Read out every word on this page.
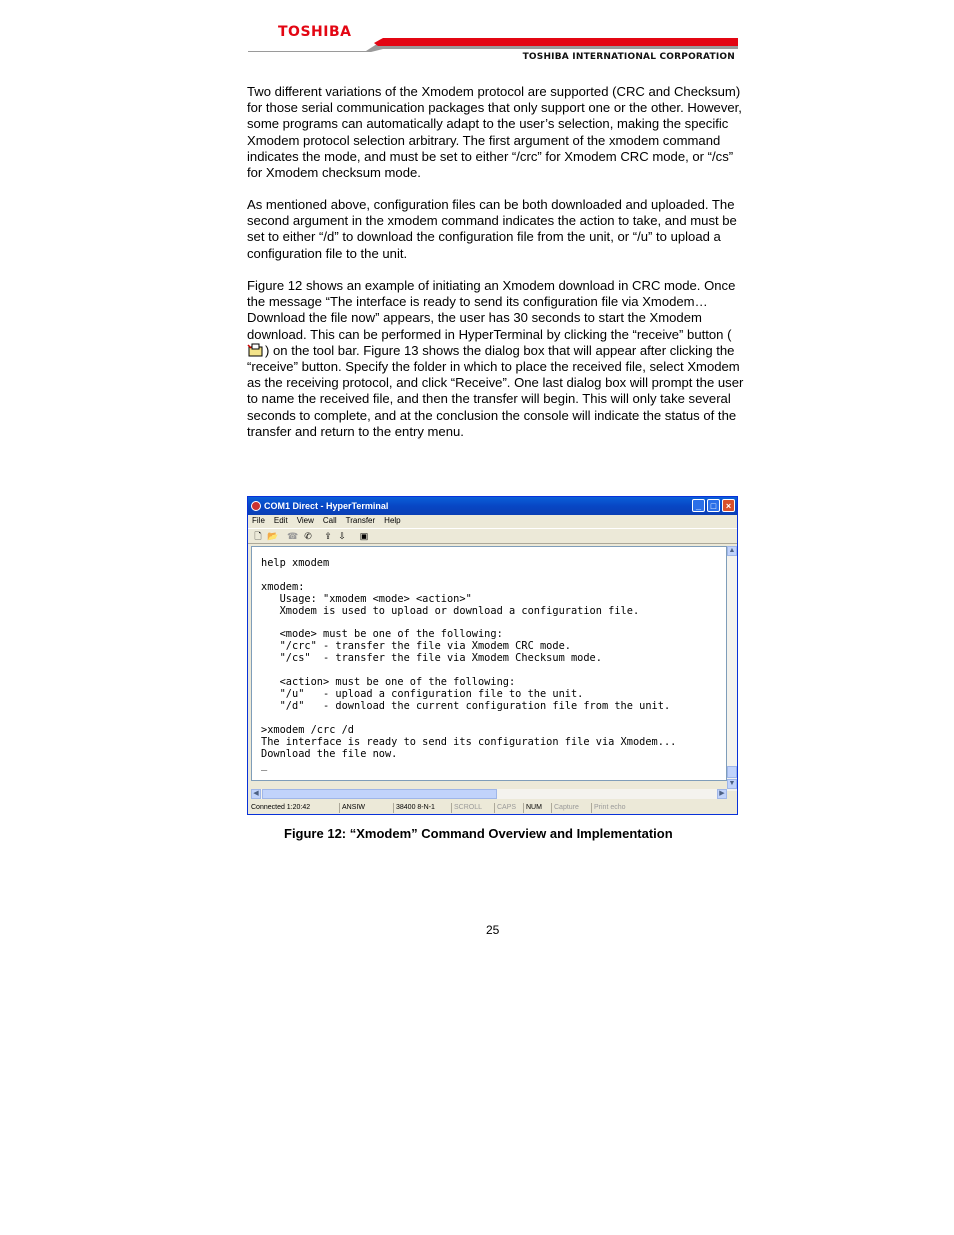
TOSHIBA
TOSHIBA INTERNATIONAL CORPORATION

Two different variations of the Xmodem protocol are supported (CRC and Checksum) for those serial communication packages that only support one or the other. However, some programs can automatically adapt to the user’s selection, making the specific Xmodem protocol selection arbitrary. The first argument of the xmodem command indicates the mode, and must be set to either “/crc” for Xmodem CRC mode, or “/cs” for Xmodem checksum mode.

As mentioned above, configuration files can be both downloaded and uploaded. The second argument in the xmodem command indicates the action to take, and must be set to either “/d” to download the configuration file from the unit, or “/u” to upload a configuration file to the unit.

Figure 12 shows an example of initiating an Xmodem download in CRC mode. Once the message “The interface is ready to send its configuration file via Xmodem…Download the file now” appears, the user has 30 seconds to start the Xmodem download. This can be performed in HyperTerminal by clicking the “receive” button () on the tool bar. Figure 13 shows the dialog box that will appear after clicking the “receive” button. Specify the folder in which to place the received file, select Xmodem as the receiving protocol, and click “Receive”. One last dialog box will prompt the user to name the received file, and then the transfer will begin. This will only take several seconds to complete, and at the conclusion the console will indicate the status of the transfer and return to the entry menu.

COM1 Direct - HyperTerminal	_	□	×
File Edit View Call Transfer Help
🗋 📂 ☎ ✆ ⇪ ⇩ ▣
help xmodem

xmodem:
Usage: "xmodem <mode> <action>"
Xmodem is used to upload or download a configuration file.

<mode> must be one of the following:
"/crc" - transfer the file via Xmodem CRC mode.
"/cs"  - transfer the file via Xmodem Checksum mode.

<action> must be one of the following:
"/u"   - upload a configuration file to the unit.
"/d"   - download the current configuration file from the unit.

>xmodem /crc /d
The interface is ready to send its configuration file via Xmodem...
Download the file now.
_
▲
▼
◀	▶
Connected 1:20:42	ANSIW	38400 8-N-1	SCROLL	CAPS	NUM	Capture	Print echo

Figure 12: “Xmodem” Command Overview and Implementation

25
